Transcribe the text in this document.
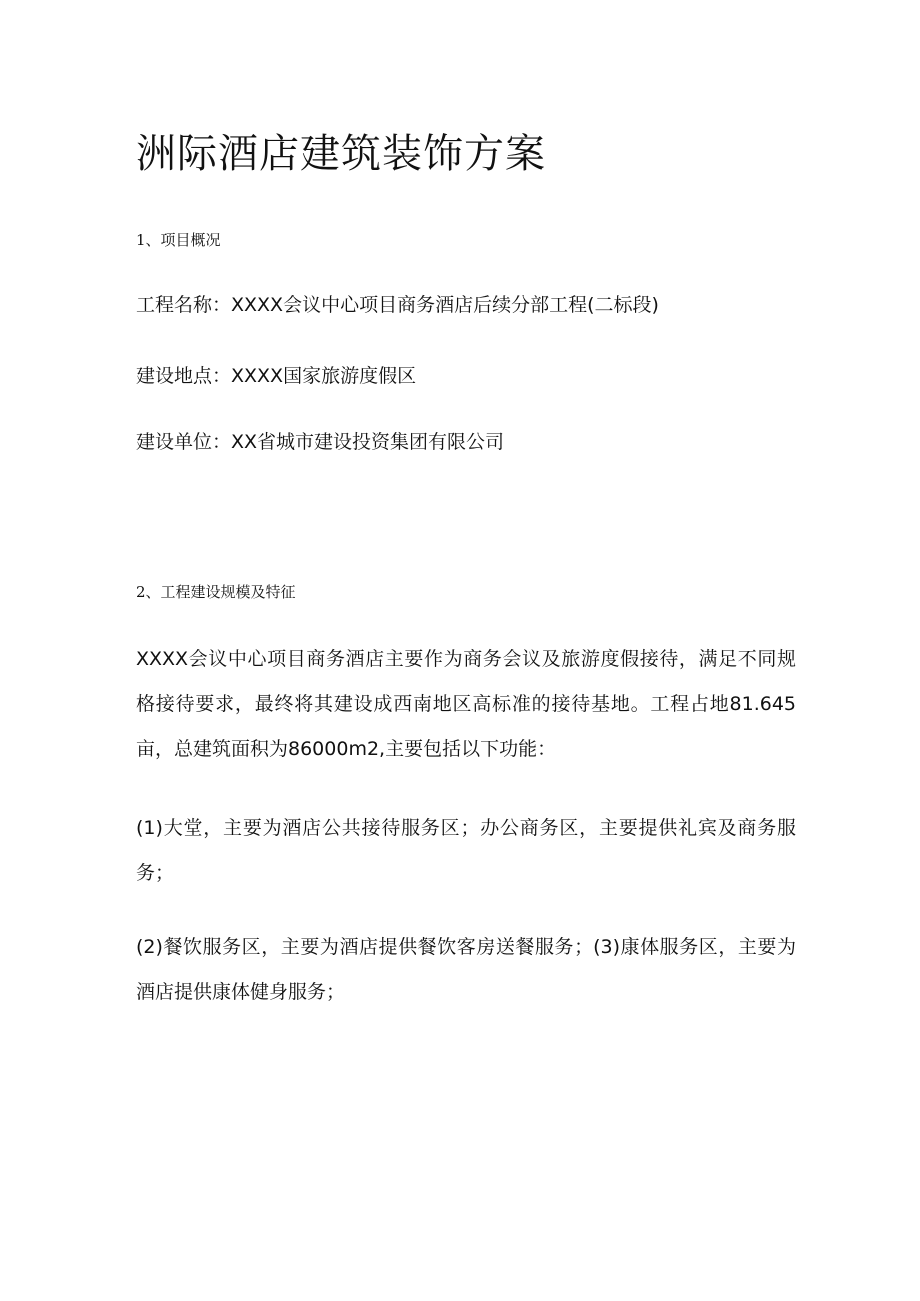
洲际酒店建筑装饰方案
1、项目概况
工程名称：XXXX会议中心项目商务酒店后续分部工程(二标段)
建设地点：XXXX国家旅游度假区
建设单位：XX省城市建设投资集团有限公司
2、工程建设规模及特征

XXXX会议中心项目商务酒店主要作为商务会议及旅游度假接待，满足不同规格接待要求，最终将其建设成西南地区高标准的接待基地。工程占地81.645亩，总建筑面积为86000m2,主要包括以下功能：

(1)大堂，主要为酒店公共接待服务区；办公商务区，主要提供礼宾及商务服务；

(2)餐饮服务区，主要为酒店提供餐饮客房送餐服务；(3)康体服务区，主要为酒店提供康体健身服务；
